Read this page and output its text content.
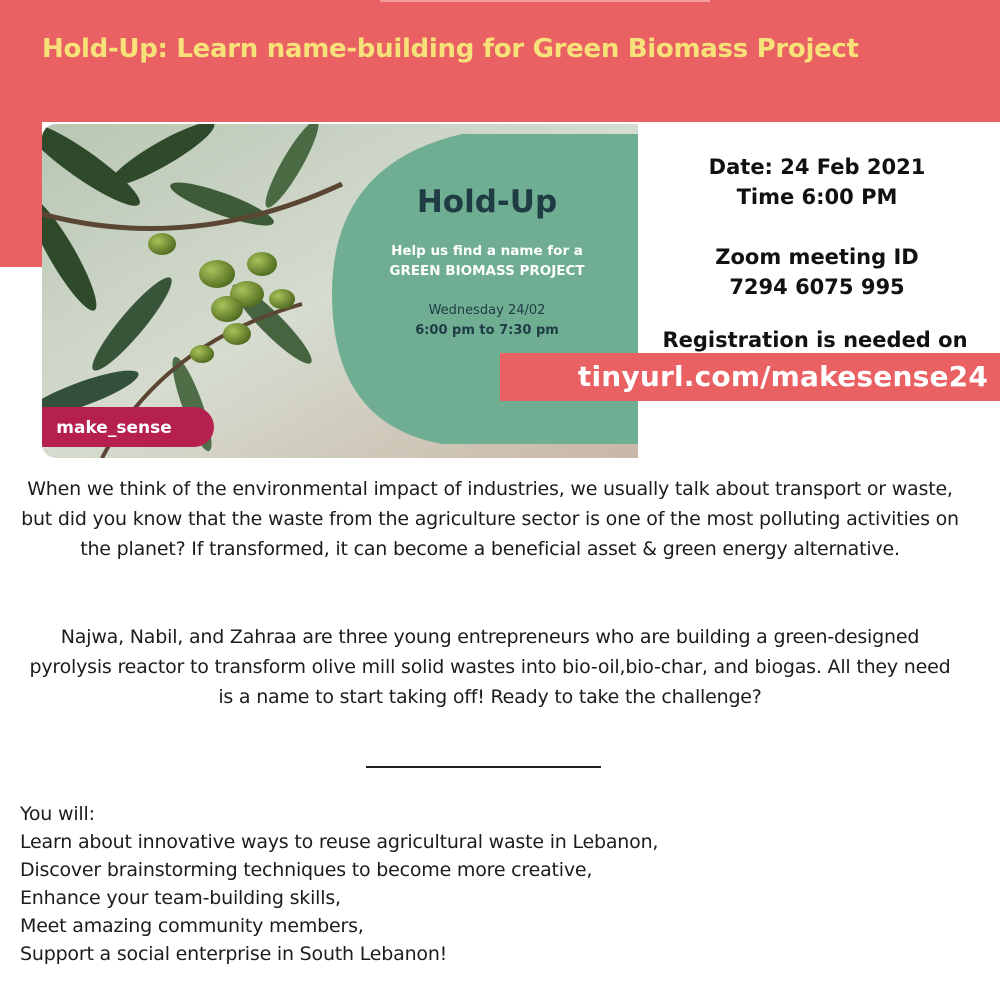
Hold-Up: Learn name-building for Green Biomass Project
Hold-Up
Help us find a name for a
GREEN BIOMASS PROJECT
Wednesday 24/02
6:00 pm to 7:30 pm
make_sense
Date: 24 Feb 2021
Time 6:00 PM
Zoom meeting ID
7294 6075 995
Registration is needed on
tinyurl.com/makesense24

When we think of the environmental impact of industries, we usually talk about transport or waste, but did you know that the waste from the agriculture sector is one of the most polluting activities on the planet? If transformed, it can become a beneficial asset & green energy alternative.

Najwa, Nabil, and Zahraa are three young entrepreneurs who are building a green-designed pyrolysis reactor to transform olive mill solid wastes into bio-oil,bio-char, and biogas. All they need is a name to start taking off! Ready to take the challenge?

You will:
Learn about innovative ways to reuse agricultural waste in Lebanon,
Discover brainstorming techniques to become more creative,
Enhance your team-building skills,
Meet amazing community members,
Support a social enterprise in South Lebanon!
